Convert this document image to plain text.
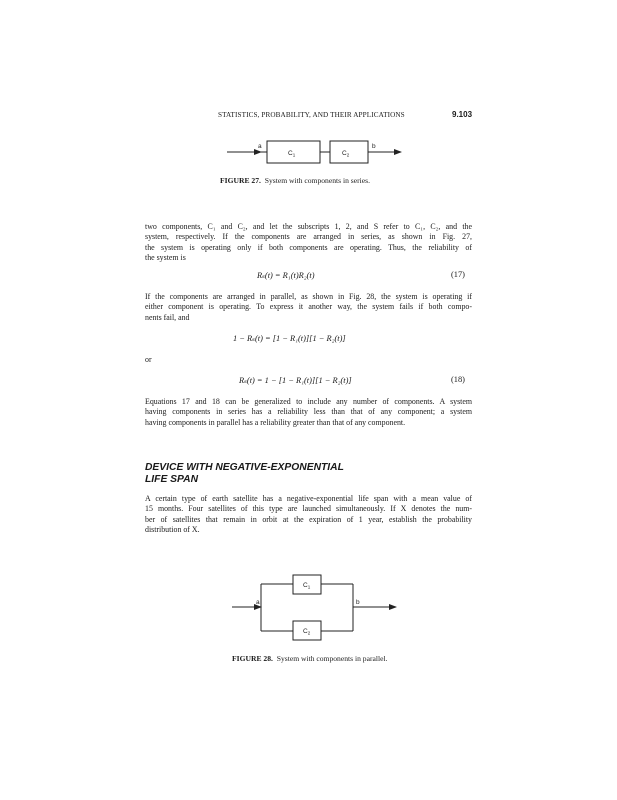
STATISTICS, PROBABILITY, AND THEIR APPLICATIONS	9.103
a	b
$C_1$	$C_2$
FIGURE 27. System with components in series.
two components, C₁ and C₂, and let the subscripts 1, 2, and S refer to C₁, C₂, and the
system, respectively. If the components are arranged in series, as shown in Fig. 27,
the system is operating only if both components are operating. Thus, the reliability of
the system is
Rₛ(t) = R₁(t)R₂(t)	(17)
If the components are arranged in parallel, as shown in Fig. 28, the system is operating if
either component is operating. To express it another way, the system fails if both compo-
nents fail, and
1 − Rₛ(t) = [1 − R₁(t)][1 − R₂(t)]
or
Rₛ(t) = 1 − [1 − R₁(t)][1 − R₂(t)]	(18)
Equations 17 and 18 can be generalized to include any number of components. A system
having components in series has a reliability less than that of any component; a system
having components in parallel has a reliability greater than that of any component.
DEVICE WITH NEGATIVE-EXPONENTIAL
LIFE SPAN
A certain type of earth satellite has a negative-exponential life span with a mean value of
15 months. Four satellites of this type are launched simultaneously. If X denotes the num-
ber of satellites that remain in orbit at the expiration of 1 year, establish the probability
distribution of X.
a	b
$C_1$
$C_2$
FIGURE 28. System with components in parallel.
